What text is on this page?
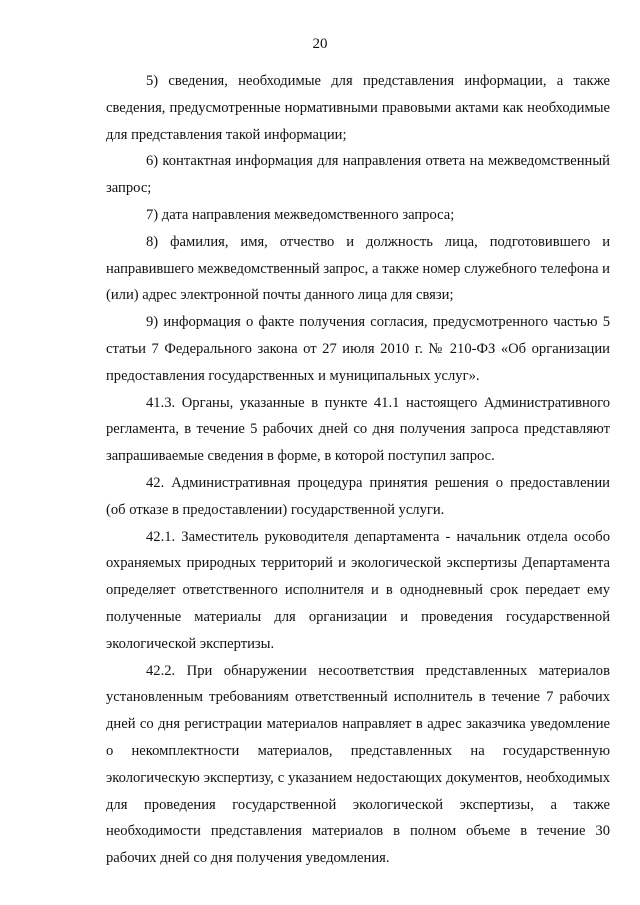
20

5) сведения, необходимые для представления информации, а также сведения, предусмотренные нормативными правовыми актами как необходимые для представления такой информации;

6) контактная информация для направления ответа на межведомственный запрос;

7) дата направления межведомственного запроса;

8) фамилия, имя, отчество и должность лица, подготовившего и направившего межведомственный запрос, а также номер служебного телефона и (или) адрес электронной почты данного лица для связи;

9) информация о факте получения согласия, предусмотренного частью 5 статьи 7 Федерального закона от 27 июля 2010 г. № 210-ФЗ «Об организации предоставления государственных и муниципальных услуг».

41.3. Органы, указанные в пункте 41.1 настоящего Административного регламента, в течение 5 рабочих дней со дня получения запроса представляют запрашиваемые сведения в форме, в которой поступил запрос.

42. Административная процедура принятия решения о предоставлении (об отказе в предоставлении) государственной услуги.

42.1. Заместитель руководителя департамента - начальник отдела особо охраняемых природных территорий и экологической экспертизы Департамента определяет ответственного исполнителя и в однодневный срок передает ему полученные материалы для организации и проведения государственной экологической экспертизы.

42.2. При обнаружении несоответствия представленных материалов установленным требованиям ответственный исполнитель в течение 7 рабочих дней со дня регистрации материалов направляет в адрес заказчика уведомление о некомплектности материалов, представленных на государственную экологическую экспертизу, с указанием недостающих документов, необходимых для проведения государственной экологической экспертизы, а также необходимости представления материалов в полном объеме в течение 30 рабочих дней со дня получения уведомления.
